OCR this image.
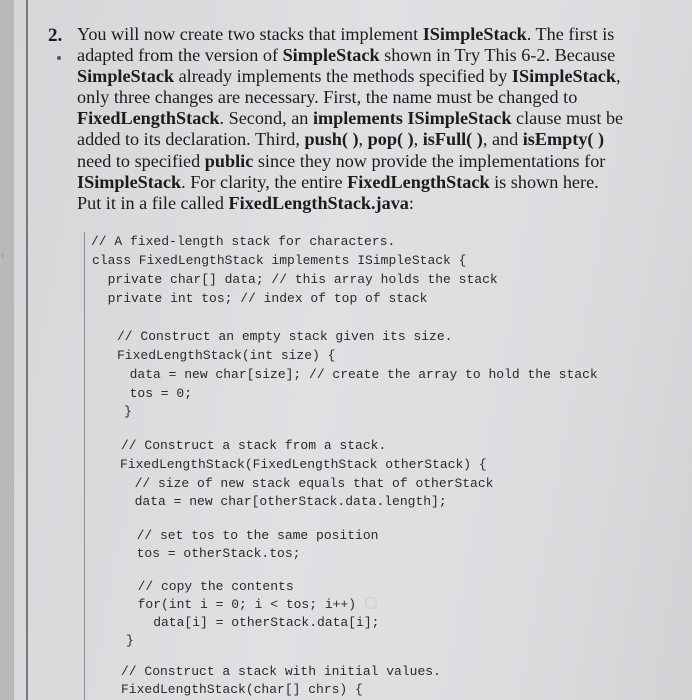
‹
2. You will now create two stacks that implement ISimpleStack. The first is
adapted from the version of SimpleStack shown in Try This 6-2. Because
SimpleStack already implements the methods specified by ISimpleStack,
only three changes are necessary. First, the name must be changed to
FixedLengthStack. Second, an implements ISimpleStack clause must be
added to its declaration. Third, push( ), pop( ), isFull( ), and isEmpty( )
need to specified public since they now provide the implementations for
ISimpleStack. For clarity, the entire FixedLengthStack is shown here.
Put it in a file called FixedLengthStack.java:
// A fixed-length stack for characters.
class FixedLengthStack implements ISimpleStack {
private char[] data; // this array holds the stack
private int tos; // index of top of stack
// Construct an empty stack given its size.
FixedLengthStack(int size) {
data = new char[size]; // create the array to hold the stack
tos = 0;
}
// Construct a stack from a stack.
FixedLengthStack(FixedLengthStack otherStack) {
// size of new stack equals that of otherStack
data = new char[otherStack.data.length];
// set tos to the same position
tos = otherStack.tos;
// copy the contents
for(int i = 0; i < tos; i++)
data[i] = otherStack.data[i];
}
// Construct a stack with initial values.
FixedLengthStack(char[] chrs) {
